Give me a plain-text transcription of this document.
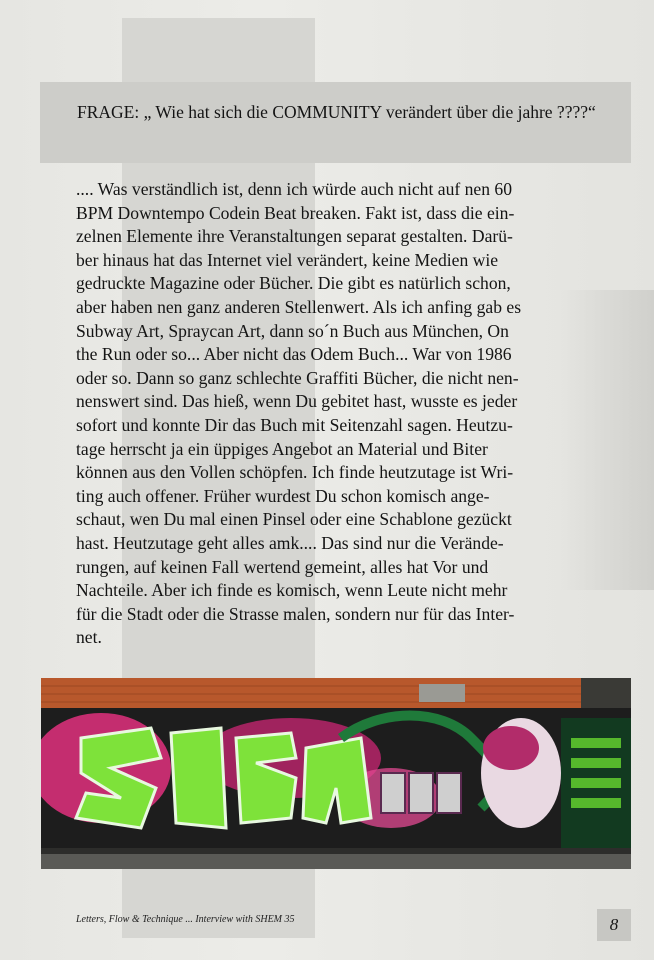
FRAGE: „ Wie hat sich die COMMUNITY verändert über die jahre ????“
.... Was verständlich ist, denn ich würde auch nicht auf nen 60
BPM Downtempo Codein Beat breaken. Fakt ist, dass die ein-
zelnen Elemente ihre Veranstaltungen separat gestalten. Darü-
ber hinaus hat das Internet viel verändert, keine Medien wie
gedruckte Magazine oder Bücher. Die gibt es natürlich schon,
aber haben nen ganz anderen Stellenwert. Als ich anfing gab es
Subway Art, Spraycan Art, dann so´n Buch aus München, On
the Run oder so... Aber nicht das Odem Buch... War von 1986
oder so. Dann so ganz schlechte Graffiti Bücher, die nicht nen-
nenswert sind. Das hieß, wenn Du gebitet hast, wusste es jeder
sofort und konnte Dir das Buch mit Seitenzahl sagen. Heutzu-
tage herrscht ja ein üppiges Angebot an Material und Biter
können aus den Vollen schöpfen. Ich finde heutzutage ist Wri-
ting auch offener. Früher wurdest Du schon komisch ange-
schaut, wen Du mal einen Pinsel oder eine Schablone gezückt
hast. Heutzutage geht alles amk.... Das sind nur die Verände-
rungen, auf keinen Fall wertend gemeint, alles hat Vor und
Nachteile. Aber ich finde es komisch, wenn Leute nicht mehr
für die Stadt oder die Strasse malen, sondern nur für das Inter-
net.
Letters, Flow & Technique ... Interview with SHEM 35	8
